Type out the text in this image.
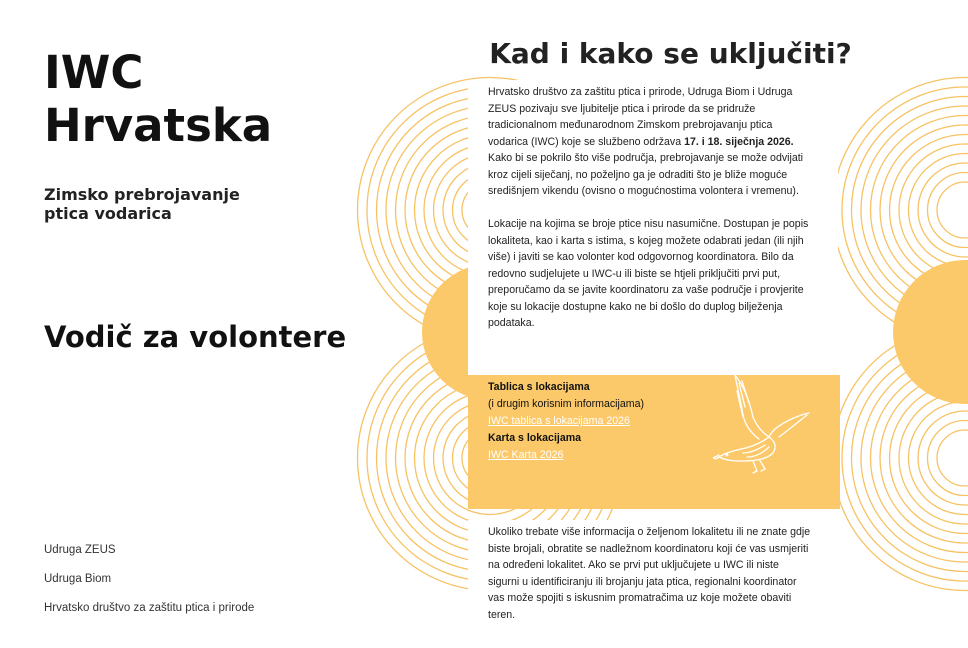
IWC
Hrvatska
Zimsko prebrojavanje
ptica vodarica
Vodič za volontere
Udruga ZEUS
Udruga Biom
Hrvatsko društvo za zaštitu ptica i prirode
Kad i kako se uključiti?

Hrvatsko društvo za zaštitu ptica i prirode, Udruga Biom i Udruga ZEUS pozivaju sve ljubitelje ptica i prirode da se pridruže tradicionalnom međunarodnom Zimskom prebrojavanju ptica vodarica (IWC) koje se službeno održava 17. i 18. siječnja 2026. Kako bi se pokrilo što više područja, prebrojavanje se može odvijati kroz cijeli siječanj, no poželjno ga je odraditi što je bliže moguće središnjem vikendu (ovisno o mogućnostima volontera i vremenu).

Lokacije na kojima se broje ptice nisu nasumične. Dostupan je popis lokaliteta, kao i karta s istima, s kojeg možete odabrati jedan (ili njih više) i javiti se kao volonter kod odgovornog koordinatora. Bilo da redovno sudjelujete u IWC-u ili biste se htjeli priključiti prvi put, preporučamo da se javite koordinatoru za vaše područje i provjerite koje su lokacije dostupne kako ne bi došlo do duplog bilježenja podataka.

Tablica s lokacijama
(i drugim korisnim informacijama)
IWC tablica s lokacijama 2026
Karta s lokacijama
IWC Karta 2026

Ukoliko trebate više informacija o željenom lokalitetu ili ne znate gdje biste brojali, obratite se nadležnom koordinatoru koji će vas usmjeriti na određeni lokalitet. Ako se prvi put uključujete u IWC ili niste sigurni u identificiranju ili brojanju jata ptica, regionalni koordinator vas može spojiti s iskusnim promatračima uz koje možete obaviti teren.
